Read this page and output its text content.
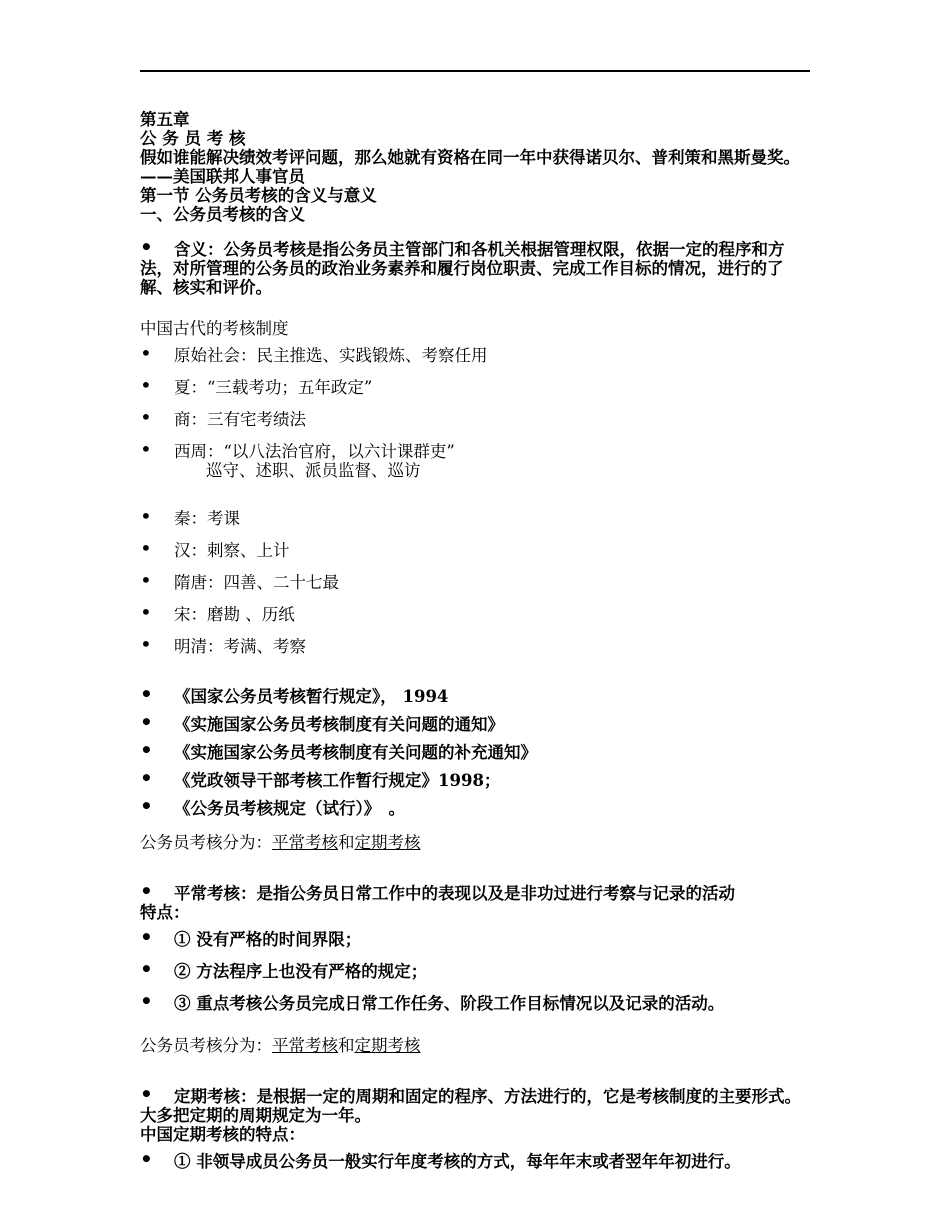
第五章

公 务 员 考 核

假如谁能解决绩效考评问题，那么她就有资格在同一年中获得诺贝尔、普利策和黑斯曼奖。

——美国联邦人事官员

第一节 公务员考核的含义与意义

一、公务员考核的含义

• 含义：公务员考核是指公务员主管部门和各机关根据管理权限，依据一定的程序和方法，对所管理的公务员的政治业务素养和履行岗位职责、完成工作目标的情况，进行的了解、核实和评价。

中国古代的考核制度

• 原始社会：民主推选、实践锻炼、考察任用
• 夏：“三载考功；五年政定”
• 商：三有宅考绩法
• 西周：“以八法治官府，以六计课群吏”
巡守、述职、派员监督、巡访
• 秦：考课
• 汉：刺察、上计
• 隋唐：四善、二十七最
• 宋：磨勘 、历纸
• 明清：考满、考察
• 《国家公务员考核暂行规定》， 1994
• 《实施国家公务员考核制度有关问题的通知》
• 《实施国家公务员考核制度有关问题的补充通知》
• 《党政领导干部考核工作暂行规定》1998；
• 《公务员考核规定（试行）》　。

公务员考核分为：平常考核和定期考核

• 平常考核：是指公务员日常工作中的表现以及是非功过进行考察与记录的活动

特点：

• ① 没有严格的时间界限；
• ② 方法程序上也没有严格的规定；
• ③ 重点考核公务员完成日常工作任务、阶段工作目标情况以及记录的活动。

公务员考核分为：平常考核和定期考核

• 定期考核：是根据一定的周期和固定的程序、方法进行的，它是考核制度的主要形式。大多把定期的周期规定为一年。

中国定期考核的特点：

• ① 非领导成员公务员一般实行年度考核的方式，每年年末或者翌年年初进行。
